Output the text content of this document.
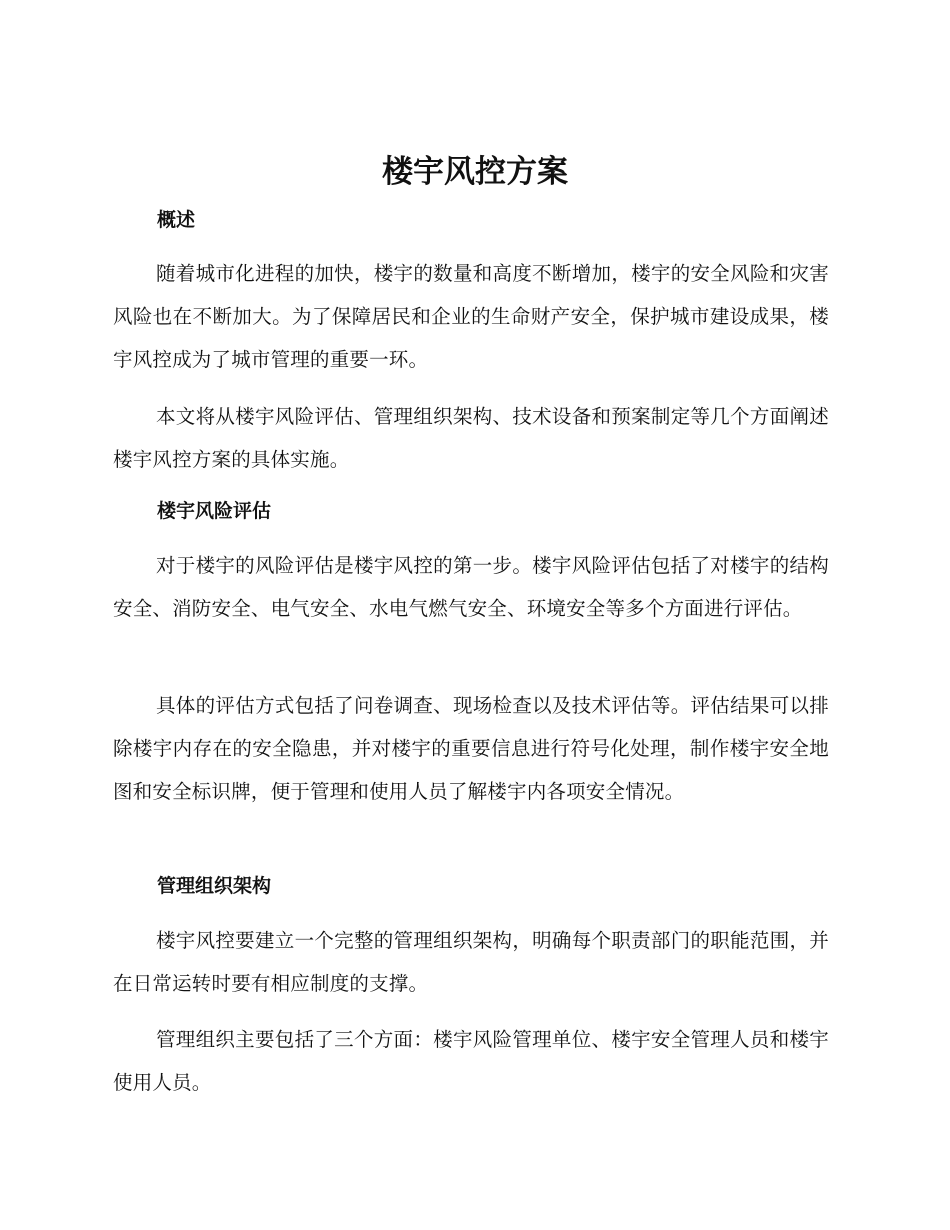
楼宇风控方案
概述

随着城市化进程的加快，楼宇的数量和高度不断增加，楼宇的安全风险和灾害风险也在不断加大。为了保障居民和企业的生命财产安全，保护城市建设成果，楼宇风控成为了城市管理的重要一环。

本文将从楼宇风险评估、管理组织架构、技术设备和预案制定等几个方面阐述楼宇风控方案的具体实施。

楼宇风险评估

对于楼宇的风险评估是楼宇风控的第一步。楼宇风险评估包括了对楼宇的结构安全、消防安全、电气安全、水电气燃气安全、环境安全等多个方面进行评估。

具体的评估方式包括了问卷调查、现场检查以及技术评估等。评估结果可以排除楼宇内存在的安全隐患，并对楼宇的重要信息进行符号化处理，制作楼宇安全地图和安全标识牌，便于管理和使用人员了解楼宇内各项安全情况。

管理组织架构

楼宇风控要建立一个完整的管理组织架构，明确每个职责部门的职能范围，并在日常运转时要有相应制度的支撑。

管理组织主要包括了三个方面：楼宇风险管理单位、楼宇安全管理人员和楼宇使用人员。
